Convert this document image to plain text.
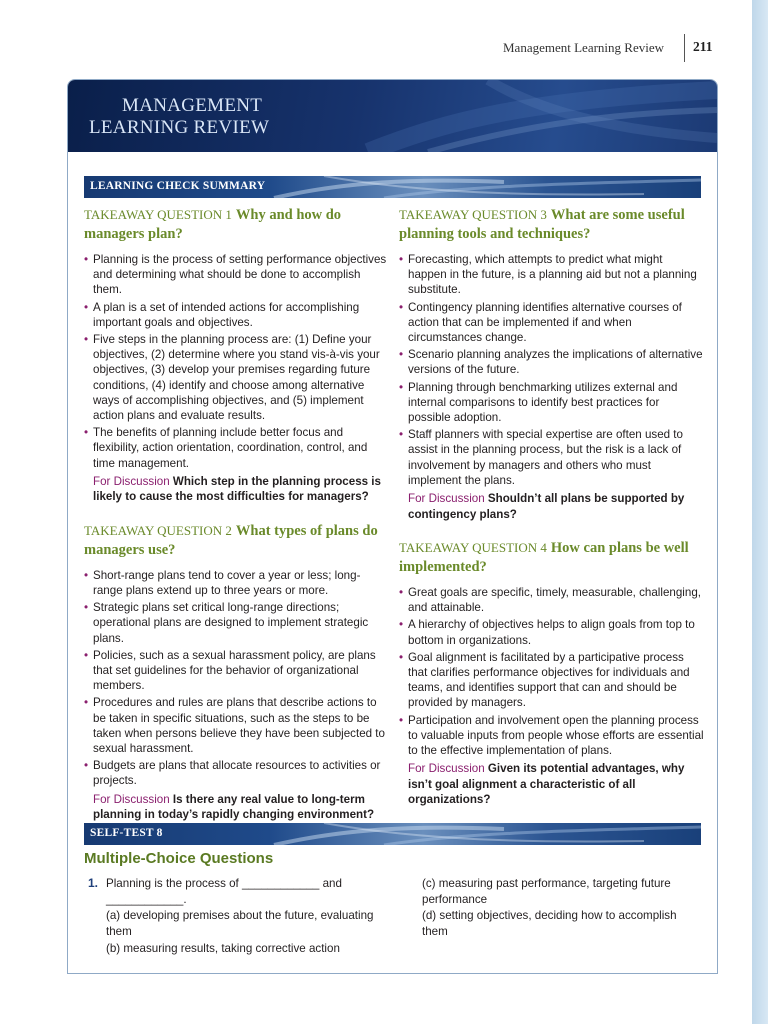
Management Learning Review 211
MANAGEMENT
LEARNING REVIEW
LEARNING CHECK SUMMARY

TAKEAWAY QUESTION 1 Why and how do managers plan?

• Planning is the process of setting performance objectives and determining what should be done to accomplish them.
• A plan is a set of intended actions for accomplishing important goals and objectives.
• Five steps in the planning process are: (1) Define your objectives, (2) determine where you stand vis-à-vis your objectives, (3) develop your premises regarding future conditions, (4) identify and choose among alternative ways of accomplishing objectives, and (5) implement action plans and evaluate results.
• The benefits of planning include better focus and flexibility, action orientation, coordination, control, and time management.

For Discussion Which step in the planning process is likely to cause the most difficulties for managers?

TAKEAWAY QUESTION 2 What types of plans do managers use?

• Short-range plans tend to cover a year or less; long-range plans extend up to three years or more.
• Strategic plans set critical long-range directions; operational plans are designed to implement strategic plans.
• Policies, such as a sexual harassment policy, are plans that set guidelines for the behavior of organizational members.
• Procedures and rules are plans that describe actions to be taken in specific situations, such as the steps to be taken when persons believe they have been subjected to sexual harassment.
• Budgets are plans that allocate resources to activities or projects.

For Discussion Is there any real value to long-term planning in today’s rapidly changing environment?

TAKEAWAY QUESTION 3 What are some useful planning tools and techniques?

• Forecasting, which attempts to predict what might happen in the future, is a planning aid but not a planning substitute.
• Contingency planning identifies alternative courses of action that can be implemented if and when circumstances change.
• Scenario planning analyzes the implications of alternative versions of the future.
• Planning through benchmarking utilizes external and internal comparisons to identify best practices for possible adoption.
• Staff planners with special expertise are often used to assist in the planning process, but the risk is a lack of involvement by managers and others who must implement the plans.

For Discussion Shouldn’t all plans be supported by contingency plans?

TAKEAWAY QUESTION 4 How can plans be well implemented?

• Great goals are specific, timely, measurable, challenging, and attainable.
• A hierarchy of objectives helps to align goals from top to bottom in organizations.
• Goal alignment is facilitated by a participative process that clarifies performance objectives for individuals and teams, and identifies support that can and should be provided by managers.
• Participation and involvement open the planning process to valuable inputs from people whose efforts are essential to the effective implementation of plans.

For Discussion Given its potential advantages, why isn’t goal alignment a characteristic of all organizations?

SELF-TEST 8
Multiple-Choice Questions
1. Planning is the process of ____________ and ____________.
(a) developing premises about the future, evaluating them
(b) measuring results, taking corrective action
(c) measuring past performance, targeting future performance
(d) setting objectives, deciding how to accomplish them
